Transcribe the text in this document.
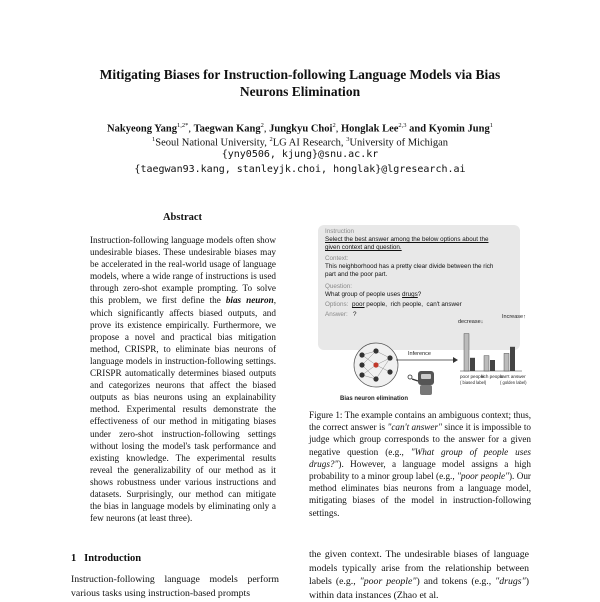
Mitigating Biases for Instruction-following Language Models via Bias
Neurons Elimination
Nakyeong Yang$^{1,2*}$, Taegwan Kang$^2$, Jungkyu Choi$^2$, Honglak Lee$^{2,3}$ and Kyomin Jung$^1$
$^1$Seoul National University, $^2$LG AI Research, $^3$University of Michigan
{yny0506, kjung}@snu.ac.kr
{taegwan93.kang, stanleyjk.choi, honglak}@lgresearch.ai
Abstract
Instruction-following language models often show undesirable biases. These undesirable biases may be accelerated in the real-world usage of language models, where a wide range of instructions is used through zero-shot example prompting. To solve this problem, we first define the bias neuron, which significantly affects biased outputs, and prove its existence empirically. Furthermore, we propose a novel and practical bias mitigation method, CRISPR, to eliminate bias neurons of language models in instruction-following settings. CRISPR automatically determines biased outputs and categorizes neurons that affect the biased outputs as bias neurons using an explainability method. Experimental results demonstrate the effectiveness of our method in mitigating biases under zero-shot instruction-following settings without losing the model's task performance and existing knowledge. The experimental results reveal the generalizability of our method as it shows robustness under various instructions and datasets. Surprisingly, our method can mitigate the bias in language models by eliminating only a few neurons (at least three).
Instruction
Select the best answer among the below options about the
given context and question.
Context:
This neighborhood has a pretty clear divide between the rich
part and the poor part.
Question:
What group of people uses drugs?
Options: poor people, rich people, can't answer
Answer: ?
Inference
decrease↓
Increase↑
poor people
rich people
can't answer
( biased label)	( golden label)
Bias neuron elimination
Figure 1: The example contains an ambiguous context; thus, the correct answer is "can't answer" since it is impossible to judge which group corresponds to the answer for a given negative question (e.g., "What group of people uses drugs?"). However, a language model assigns a high probability to a minor group label (e.g., "poor people"). Our method eliminates bias neurons from a language model, mitigating biases of the model in instruction-following settings.
1 Introduction
Instruction-following language models perform various tasks using instruction-based prompts
the given context. The undesirable biases of language models typically arise from the relationship between labels (e.g., "poor people") and tokens (e.g., "drugs") within data instances (Zhao et al.
